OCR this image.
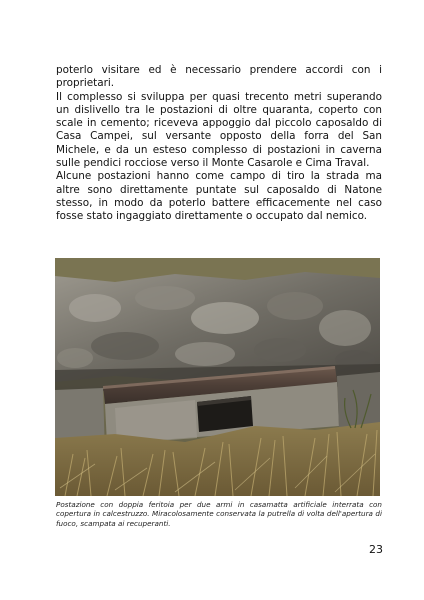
poterlo visitare ed è necessario prendere accordi con i proprietari.

Il complesso si sviluppa per quasi trecento metri superando un dislivello tra le postazioni di oltre quaranta, coperto con scale in cemento; riceveva appoggio dal piccolo caposaldo di Casa Campei, sul versante opposto della forra del San Michele, e da un esteso complesso di postazioni in caverna sulle pendici rocciose verso il Monte Casarole e Cima Traval.

Alcune postazioni hanno come campo di tiro la strada ma altre sono direttamente puntate sul caposaldo di Natone stesso, in modo da poterlo battere efficacemente nel caso fosse stato ingaggiato direttamente o occupato dal nemico.

Postazione con doppia feritoia per due armi in casamatta artificiale interrata con copertura in calcestruzzo. Miracolosamente conservata la putrella di volta dell'apertura di fuoco, scampata ai recuperanti.
23
